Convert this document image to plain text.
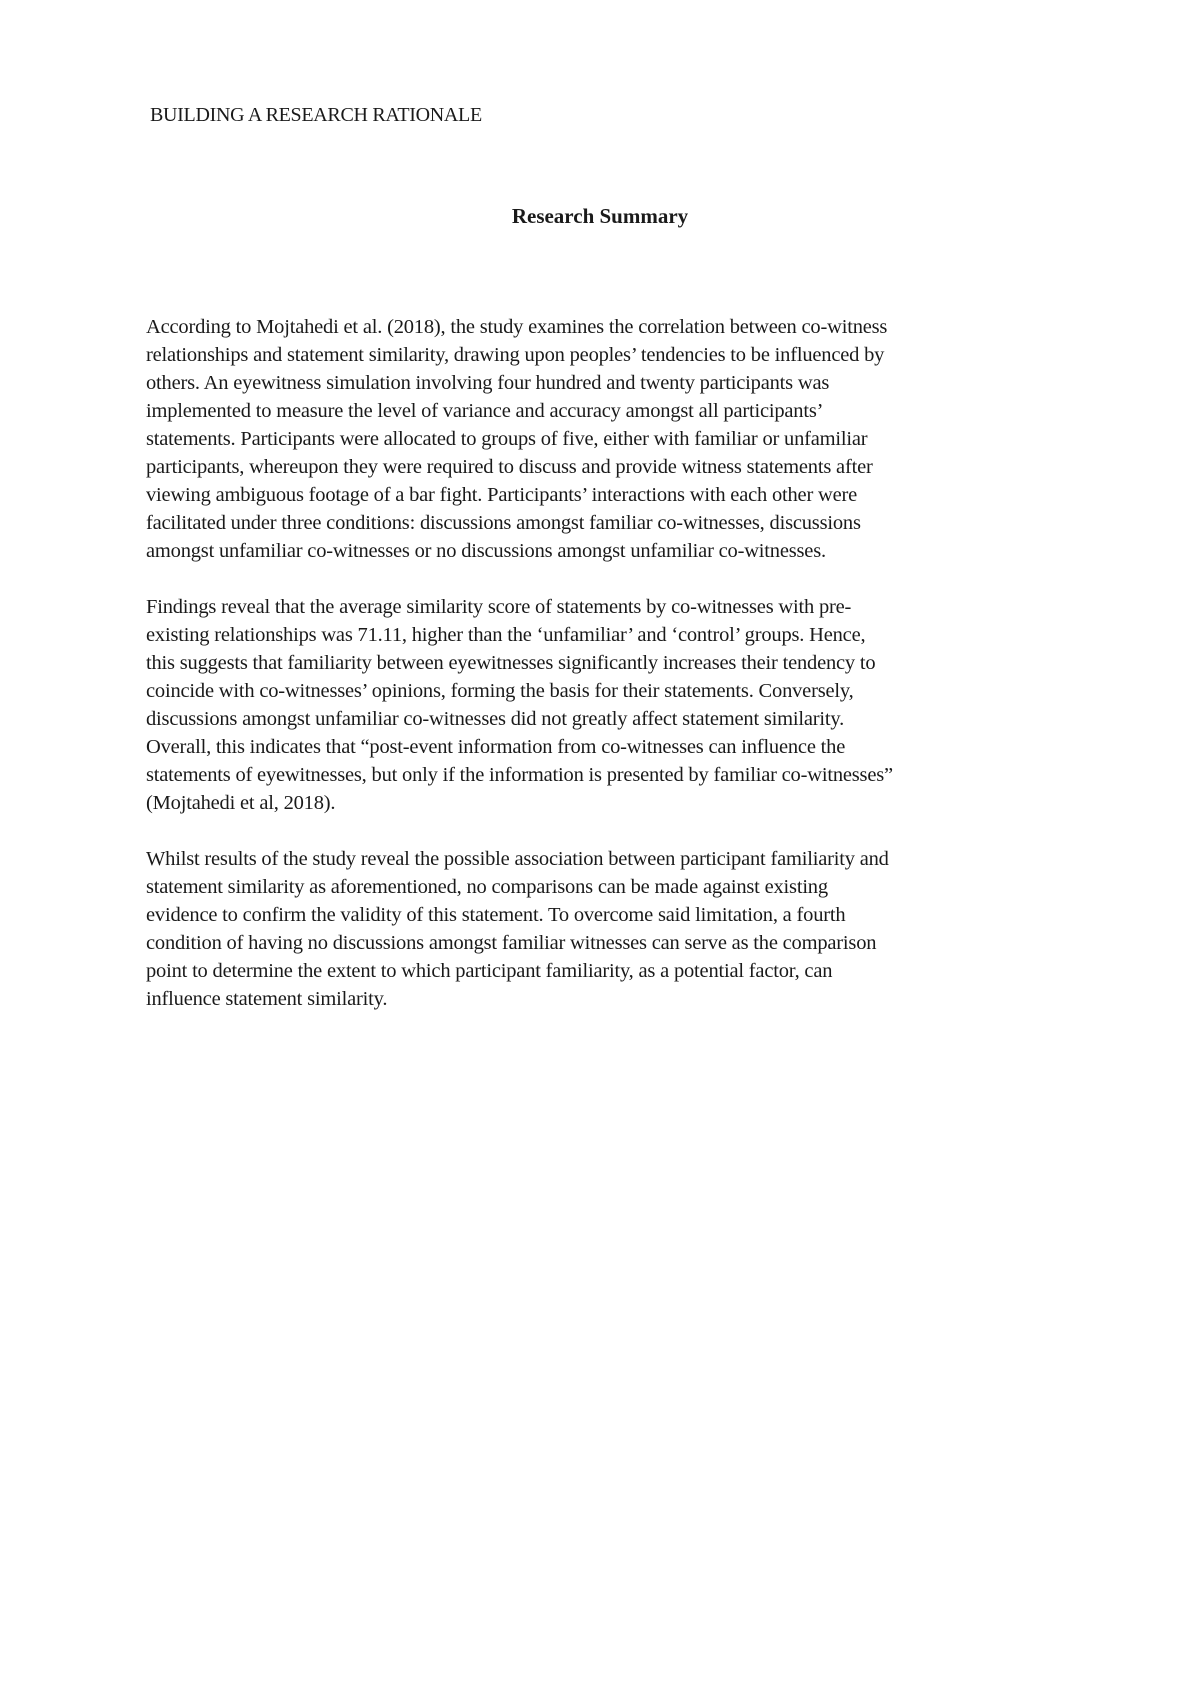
BUILDING A RESEARCH RATIONALE
Research Summary
According to Mojtahedi et al. (2018), the study examines the correlation between co-witness
relationships and statement similarity, drawing upon peoples’ tendencies to be influenced by
others. An eyewitness simulation involving four hundred and twenty participants was
implemented to measure the level of variance and accuracy amongst all participants’
statements. Participants were allocated to groups of five, either with familiar or unfamiliar
participants, whereupon they were required to discuss and provide witness statements after
viewing ambiguous footage of a bar fight. Participants’ interactions with each other were
facilitated under three conditions: discussions amongst familiar co-witnesses, discussions
amongst unfamiliar co-witnesses or no discussions amongst unfamiliar co-witnesses.
Findings reveal that the average similarity score of statements by co-witnesses with pre-
existing relationships was 71.11, higher than the ‘unfamiliar’ and ‘control’ groups. Hence,
this suggests that familiarity between eyewitnesses significantly increases their tendency to
coincide with co-witnesses’ opinions, forming the basis for their statements. Conversely,
discussions amongst unfamiliar co-witnesses did not greatly affect statement similarity.
Overall, this indicates that “post-event information from co-witnesses can influence the
statements of eyewitnesses, but only if the information is presented by familiar co-witnesses”
(Mojtahedi et al, 2018).
Whilst results of the study reveal the possible association between participant familiarity and
statement similarity as aforementioned, no comparisons can be made against existing
evidence to confirm the validity of this statement. To overcome said limitation, a fourth
condition of having no discussions amongst familiar witnesses can serve as the comparison
point to determine the extent to which participant familiarity, as a potential factor, can
influence statement similarity.
